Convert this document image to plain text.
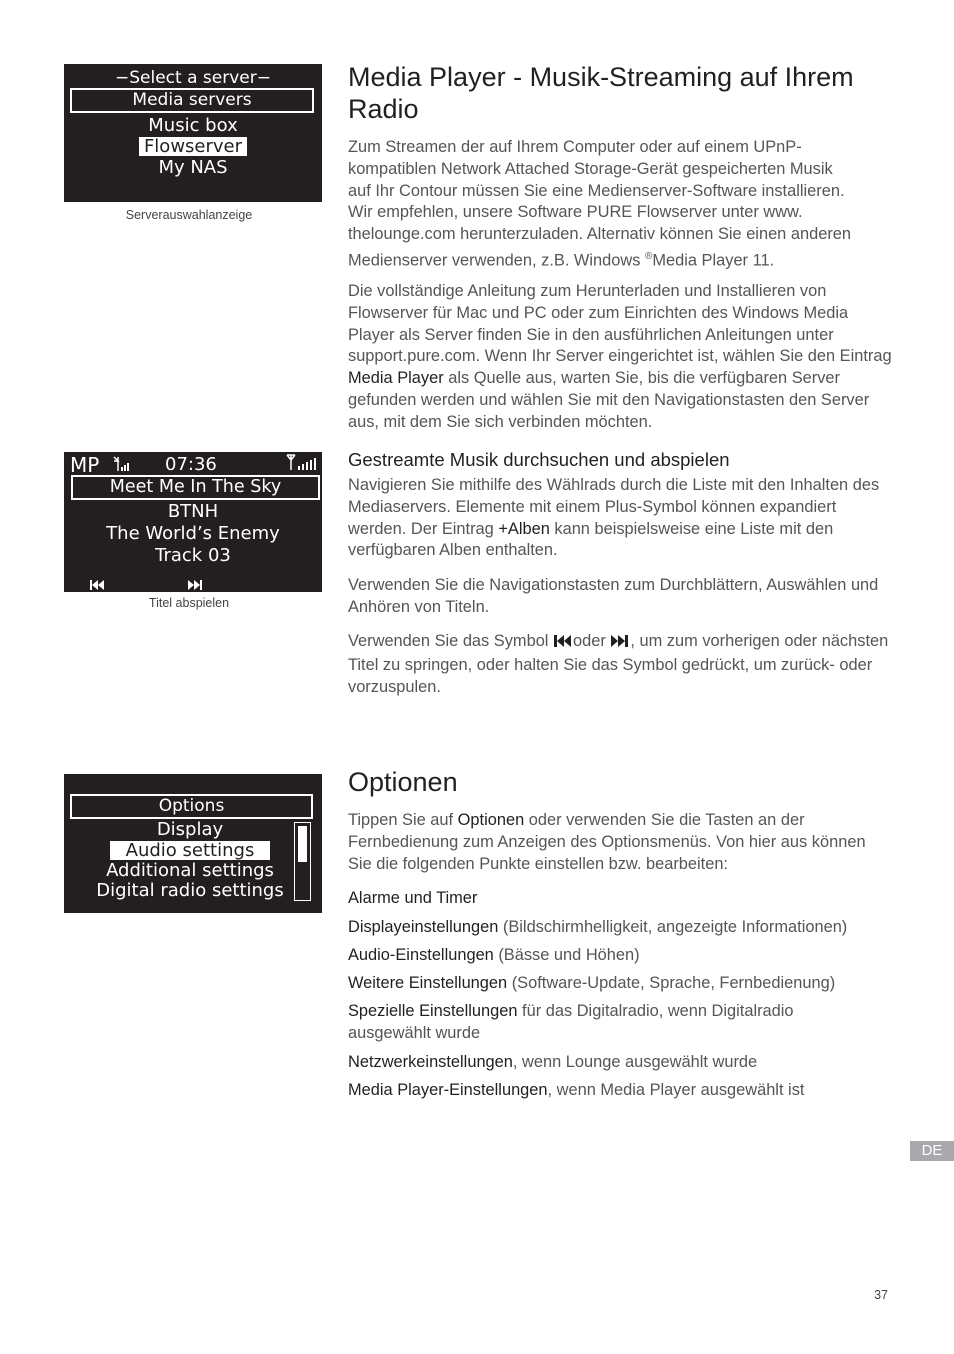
−Select a server−
Media servers
Music box
Flowserver
My NAS
Serverauswahlanzeige
MP	07:36
Meet Me In The Sky
BTNH
The World’s Enemy
Track 03
Titel abspielen
Options
Display
Audio settings
Additional settings
Digital radio settings
Media Player - Musik-Streaming auf Ihrem
Radio
Zum Streamen der auf Ihrem Computer oder auf einem UPnP-
kompatiblen Network Attached Storage-Gerät gespeicherten Musik
auf Ihr Contour müssen Sie eine Medienserver-Software installieren.
Wir empfehlen, unsere Software PURE Flowserver unter www.
thelounge.com herunterzuladen. Alternativ können Sie einen anderen
Medienserver verwenden, z.B. Windows ®Media Player 11.
Die vollständige Anleitung zum Herunterladen und Installieren von Flowserver für Mac und PC oder zum Einrichten des Windows Media Player als Server finden Sie in den ausführlichen Anleitungen unter support.pure.com. Wenn Ihr Server eingerichtet ist, wählen Sie den Eintrag Media Player als Quelle aus, warten Sie, bis die verfügbaren Server gefunden werden und wählen Sie mit den Navigationstasten den Server aus, mit dem Sie sich verbinden möchten.
Gestreamte Musik durchsuchen und abspielen
Navigieren Sie mithilfe des Wählrads durch die Liste mit den Inhalten des Mediaservers. Elemente mit einem Plus-Symbol können expandiert werden. Der Eintrag +Alben kann beispielsweise eine Liste mit den verfügbaren Alben enthalten.
Verwenden Sie die Navigationstasten zum Durchblättern, Auswählen und Anhören von Titeln.
Verwenden Sie das Symbol oder , um zum vorherigen oder nächsten Titel zu springen, oder halten Sie das Symbol gedrückt, um zurück- oder vorzuspulen.
Optionen
Tippen Sie auf Optionen oder verwenden Sie die Tasten an der Fernbedienung zum Anzeigen des Optionsmenüs. Von hier aus können Sie die folgenden Punkte einstellen bzw. bearbeiten:
Alarme und Timer
Displayeinstellungen (Bildschirmhelligkeit, angezeigte Informationen)
Audio-Einstellungen (Bässe und Höhen)
Weitere Einstellungen (Software-Update, Sprache, Fernbedienung)
Spezielle Einstellungen für das Digitalradio, wenn Digitalradio ausgewählt wurde
Netzwerkeinstellungen, wenn Lounge ausgewählt wurde
Media Player-Einstellungen, wenn Media Player ausgewählt ist
DE
37
